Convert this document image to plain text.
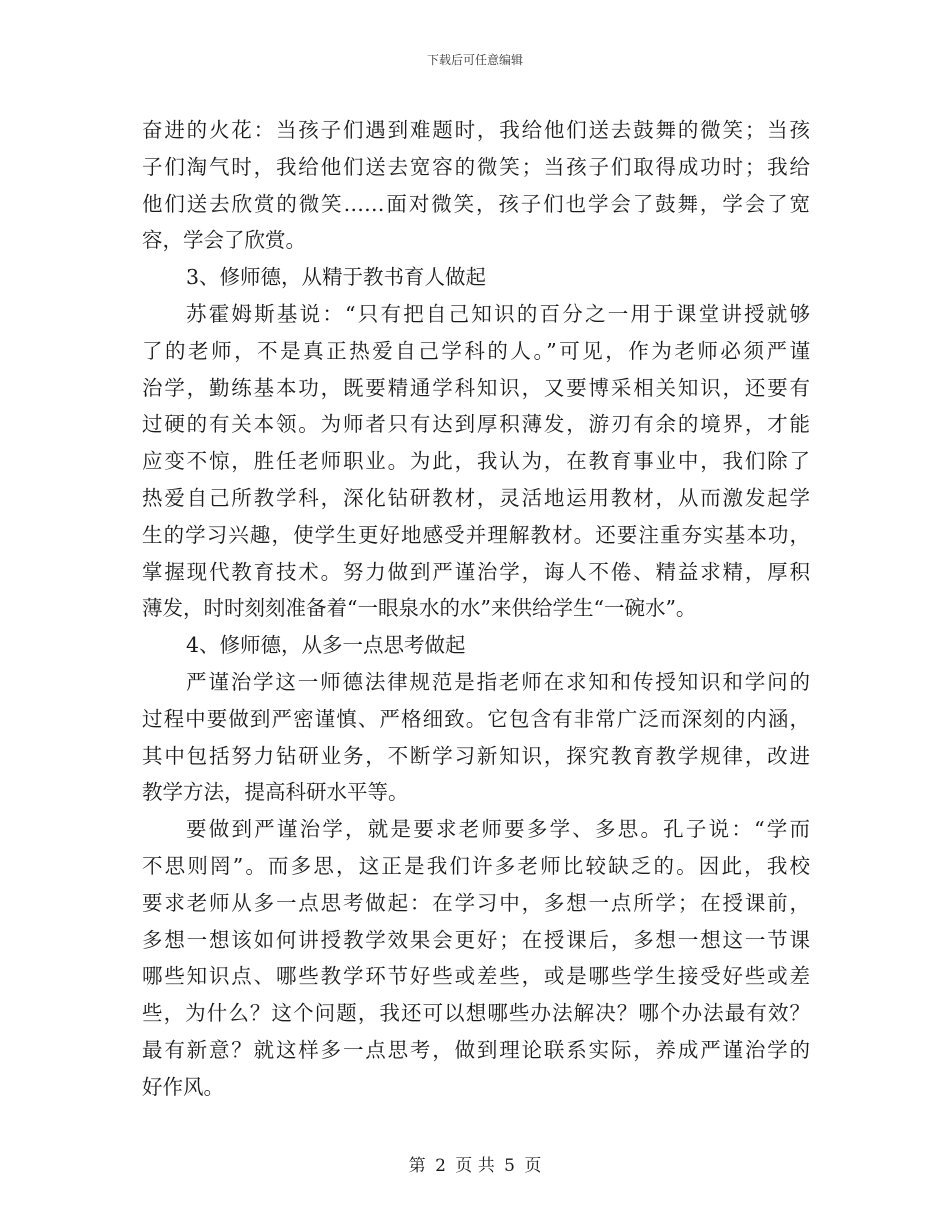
下载后可任意编辑
奋进的火花：当孩子们遇到难题时，我给他们送去鼓舞的微笑；当孩
子们淘气时，我给他们送去宽容的微笑；当孩子们取得成功时；我给
他们送去欣赏的微笑……面对微笑，孩子们也学会了鼓舞，学会了宽
容，学会了欣赏。
3、修师德，从精于教书育人做起
苏霍姆斯基说：“只有把自己知识的百分之一用于课堂讲授就够
了的老师，不是真正热爱自己学科的人。”可见，作为老师必须严谨
治学，勤练基本功，既要精通学科知识，又要博采相关知识，还要有
过硬的有关本领。为师者只有达到厚积薄发，游刃有余的境界，才能
应变不惊，胜任老师职业。为此，我认为，在教育事业中，我们除了
热爱自己所教学科，深化钻研教材，灵活地运用教材，从而激发起学
生的学习兴趣，使学生更好地感受并理解教材。还要注重夯实基本功，
掌握现代教育技术。努力做到严谨治学，诲人不倦、精益求精，厚积
薄发，时时刻刻准备着“一眼泉水的水”来供给学生“一碗水”。
4、修师德，从多一点思考做起
严谨治学这一师德法律规范是指老师在求知和传授知识和学问的
过程中要做到严密谨慎、严格细致。它包含有非常广泛而深刻的内涵，
其中包括努力钻研业务，不断学习新知识，探究教育教学规律，改进
教学方法，提高科研水平等。
要做到严谨治学，就是要求老师要多学、多思。孔子说：“学而
不思则罔”。而多思，这正是我们许多老师比较缺乏的。因此，我校
要求老师从多一点思考做起：在学习中，多想一点所学；在授课前，
多想一想该如何讲授教学效果会更好；在授课后，多想一想这一节课
哪些知识点、哪些教学环节好些或差些，或是哪些学生接受好些或差
些，为什么？这个问题，我还可以想哪些办法解决？哪个办法最有效？
最有新意？就这样多一点思考，做到理论联系实际，养成严谨治学的
好作风。
第 2 页 共 5 页
